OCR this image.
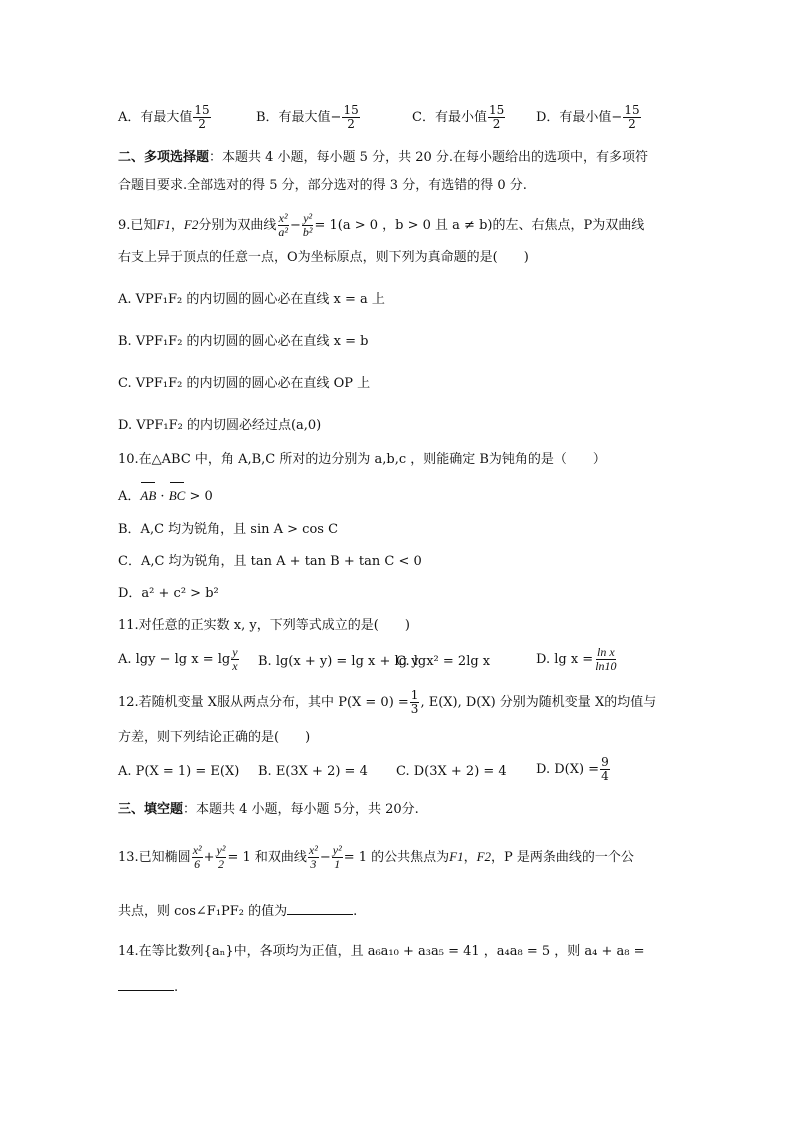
A．有最大值 $\frac{15}{2}$	B．有最大值− $\frac{15}{2}$	C．有最小值 $\frac{15}{2}$ D．有最小值− $\frac{15}{2}$
二、多项选择题：本题共 4 小题，每小题 5 分，共 20 分.在每小题给出的选项中，有多项符
合题目要求.全部选对的得 5 分，部分选对的得 3 分，有选错的得 0 分.
9.已知F1，F2分别为双曲线 $\frac{\text{x²}}{\text{a²}} - \frac{\text{y²}}{\text{b²}} = 1(a > 0$ ，b > 0 且 a ≠ b)的左、右焦点，P为双曲线
右支上异于顶点的任意一点，O为坐标原点，则下列为真命题的是(　　)
A. VPF₁F₂ 的内切圆的圆心必在直线 x = a 上
B. VPF₁F₂ 的内切圆的圆心必在直线 x = b
C. VPF₁F₂ 的内切圆的圆心必在直线 OP 上
D. VPF₁F₂ 的内切圆必经过点(a,0)
10.在△ABC 中，角 A,B,C 所对的边分别为 a,b,c ，则能确定 B为钝角的是（　　）
A．AB · BC > 0
B．A,C 均为锐角，且 sin A > cos C
C．A,C 均为锐角，且 tan A + tan B + tan C < 0
D．a² + c² > b²
11.对任意的正实数 x, y，下列等式成立的是(　　)
A. $\lg y - \lg x = \lg \frac{y}{x} B$. lg(x + y) = lg x + lg y
C. lgx² = 2lg x	D. $\lg x = \frac{\text{ln x}}{\ln 10}$
12.若随机变量 X服从两点分布，其中 $P(X = 0) = \frac{1}{3}$ , E(X), D(X) 分别为随机变量 X的均值与
方差，则下列结论正确的是(　　)
A. P(X = 1) = E(X) B. E(3X + 2) = 4 C. D(3X + 2) = 4 D. $D(X) = \frac{9}{4}$
三、填空题：本题共 4 小题，每小题 5分，共 20分.
13.已知椭圆 $\frac{\text{x²}}{6} + \frac{\text{y²}}{2} = 1$ 和双曲线 $\frac{\text{x²}}{3} - \frac{\text{y²}}{1} = 1$ 的公共焦点为F1，F2，P 是两条曲线的一个公
共点，则 cos∠F₁PF₂ 的值为	.
14.在等比数列{aₙ}中，各项均为正值，且 a₆a₁₀ + a₃a₅ = 41 ，a₄a₈ = 5 ，则 a₄ + a₈ =
.
